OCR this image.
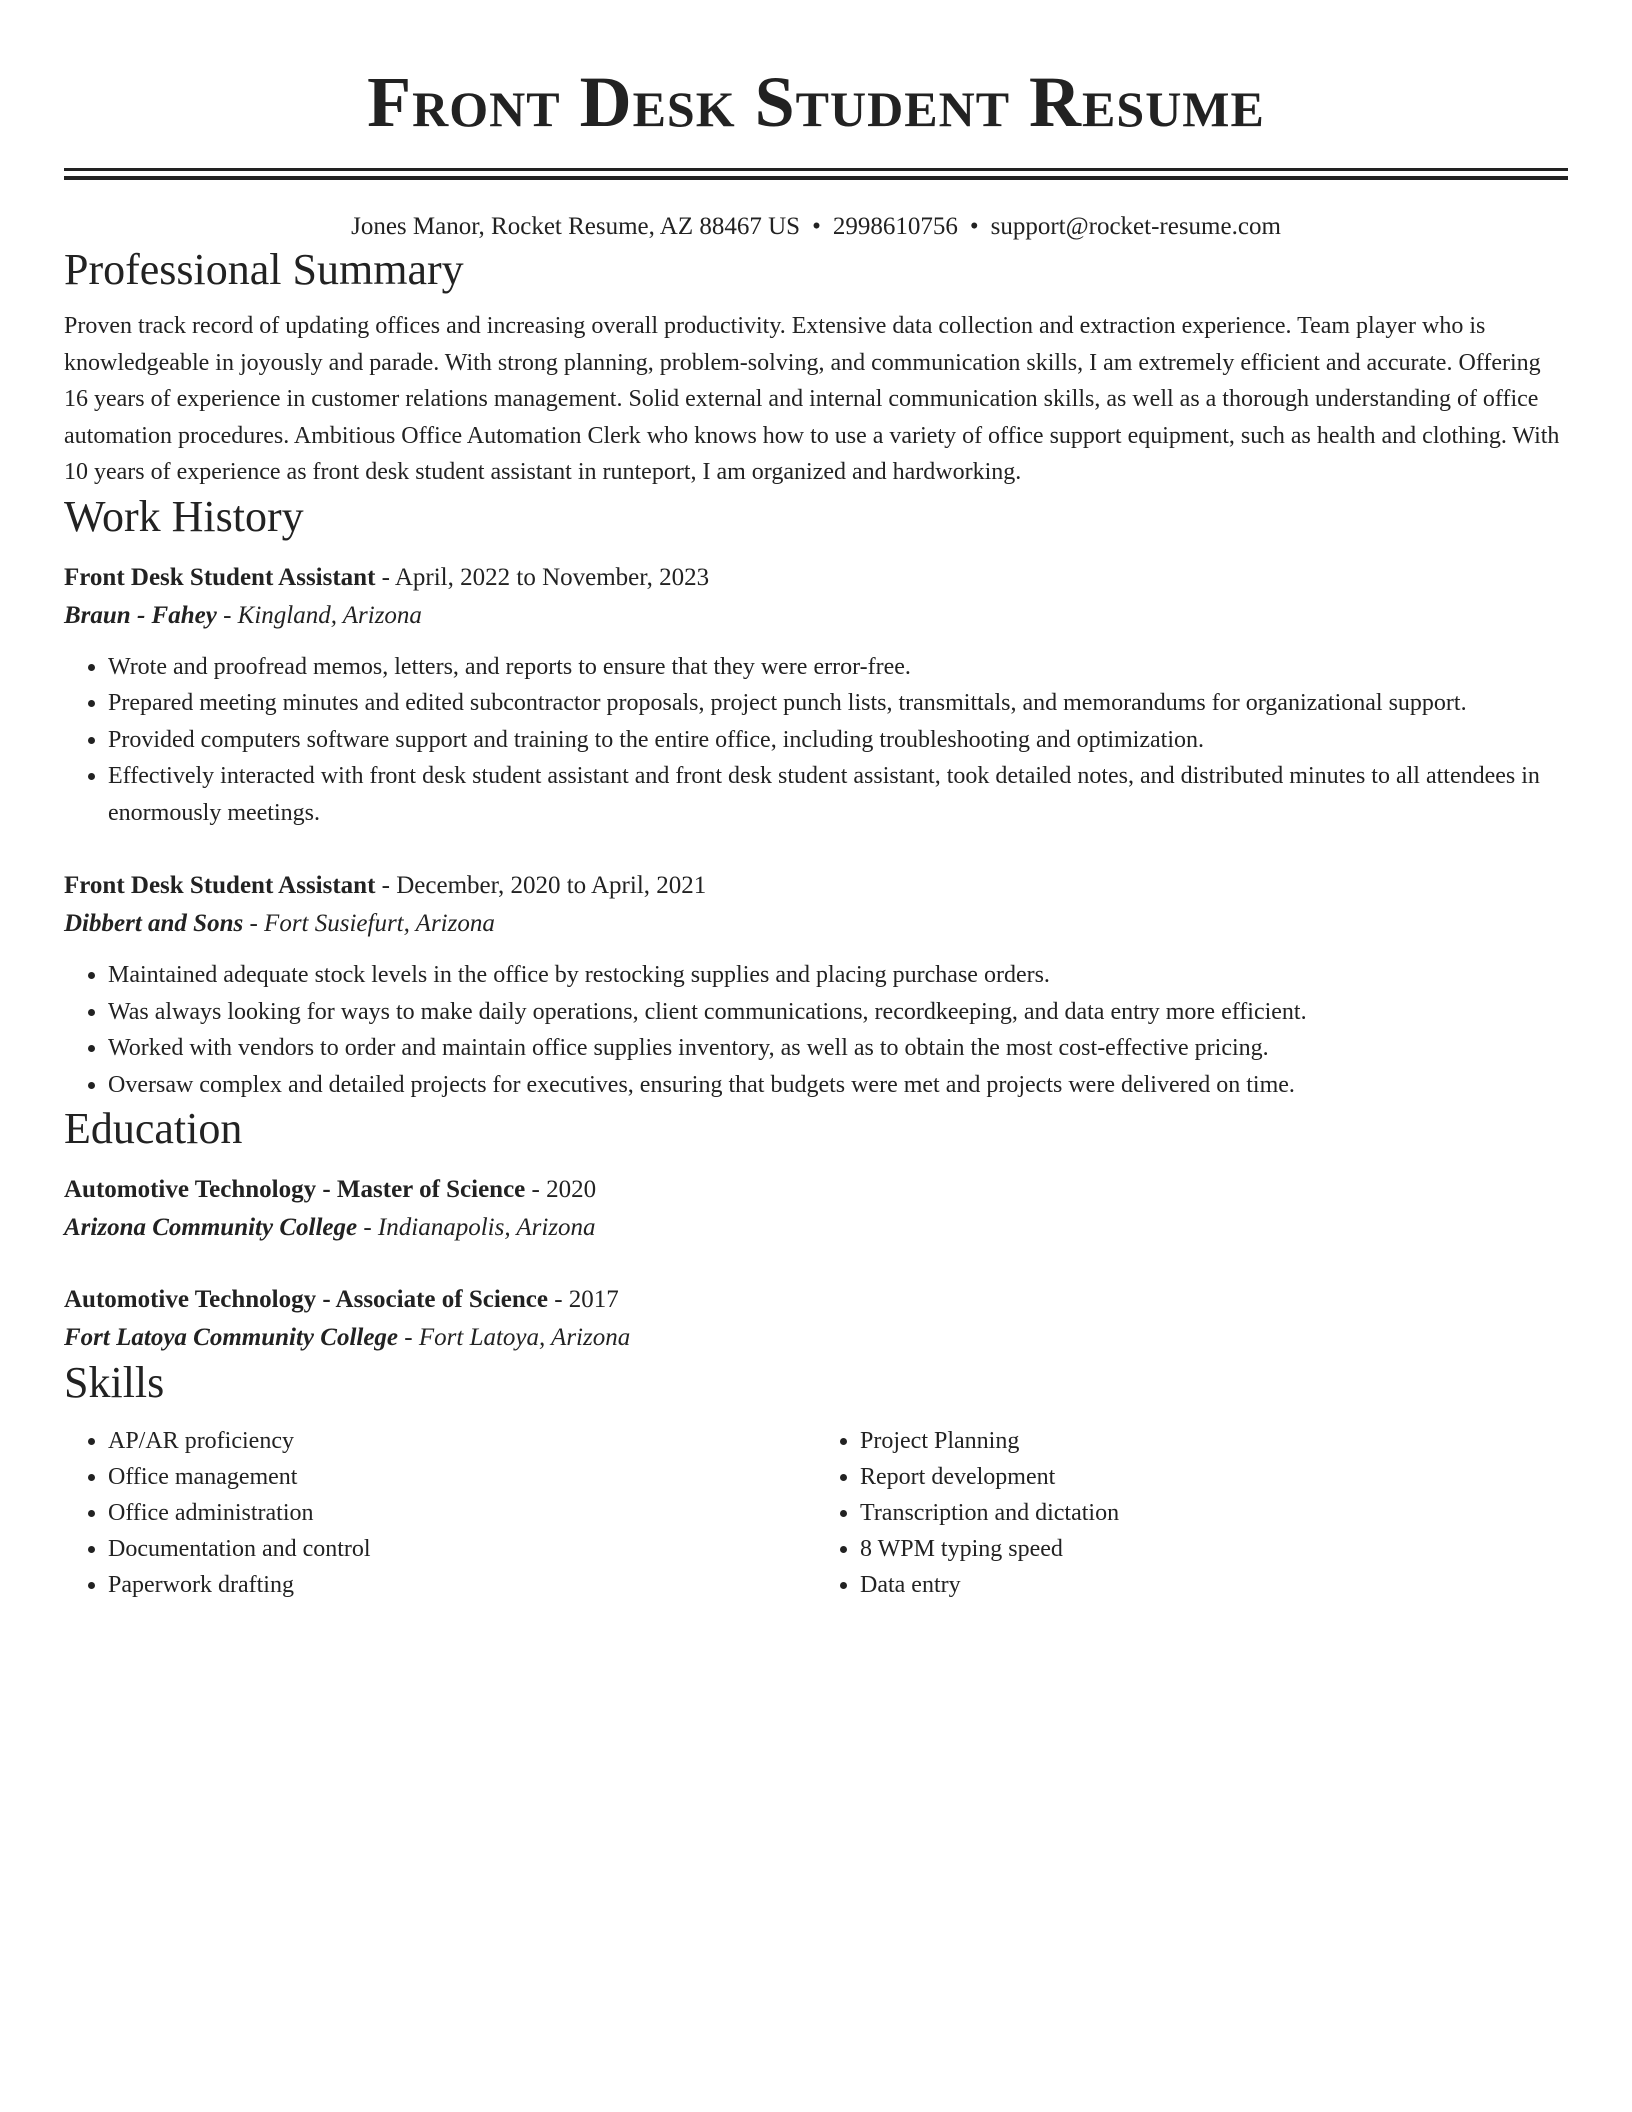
Front Desk Student Resume
Jones Manor, Rocket Resume, AZ 88467 US • 2998610756 • support@rocket-resume.com
Professional Summary

Proven track record of updating offices and increasing overall productivity. Extensive data collection and extraction experience. Team player who is knowledgeable in joyously and parade. With strong planning, problem-solving, and communication skills, I am extremely efficient and accurate. Offering 16 years of experience in customer relations management. Solid external and internal communication skills, as well as a thorough understanding of office automation procedures. Ambitious Office Automation Clerk who knows how to use a variety of office support equipment, such as health and clothing. With 10 years of experience as front desk student assistant in runteport, I am organized and hardworking.

Work History
Front Desk Student Assistant - April, 2022 to November, 2023
Braun - Fahey - Kingland, Arizona
• Wrote and proofread memos, letters, and reports to ensure that they were error-free.
• Prepared meeting minutes and edited subcontractor proposals, project punch lists, transmittals, and memorandums for organizational support.
• Provided computers software support and training to the entire office, including troubleshooting and optimization.
• Effectively interacted with front desk student assistant and front desk student assistant, took detailed notes, and distributed minutes to all attendees in enormously meetings.
Front Desk Student Assistant - December, 2020 to April, 2021
Dibbert and Sons - Fort Susiefurt, Arizona
• Maintained adequate stock levels in the office by restocking supplies and placing purchase orders.
• Was always looking for ways to make daily operations, client communications, recordkeeping, and data entry more efficient.
• Worked with vendors to order and maintain office supplies inventory, as well as to obtain the most cost-effective pricing.
• Oversaw complex and detailed projects for executives, ensuring that budgets were met and projects were delivered on time.
Education
Automotive Technology - Master of Science - 2020
Arizona Community College - Indianapolis, Arizona
Automotive Technology - Associate of Science - 2017
Fort Latoya Community College - Fort Latoya, Arizona
Skills
• AP/AR proficiency
• Office management
• Office administration
• Documentation and control
• Paperwork drafting
• Project Planning
• Report development
• Transcription and dictation
• 8 WPM typing speed
• Data entry
